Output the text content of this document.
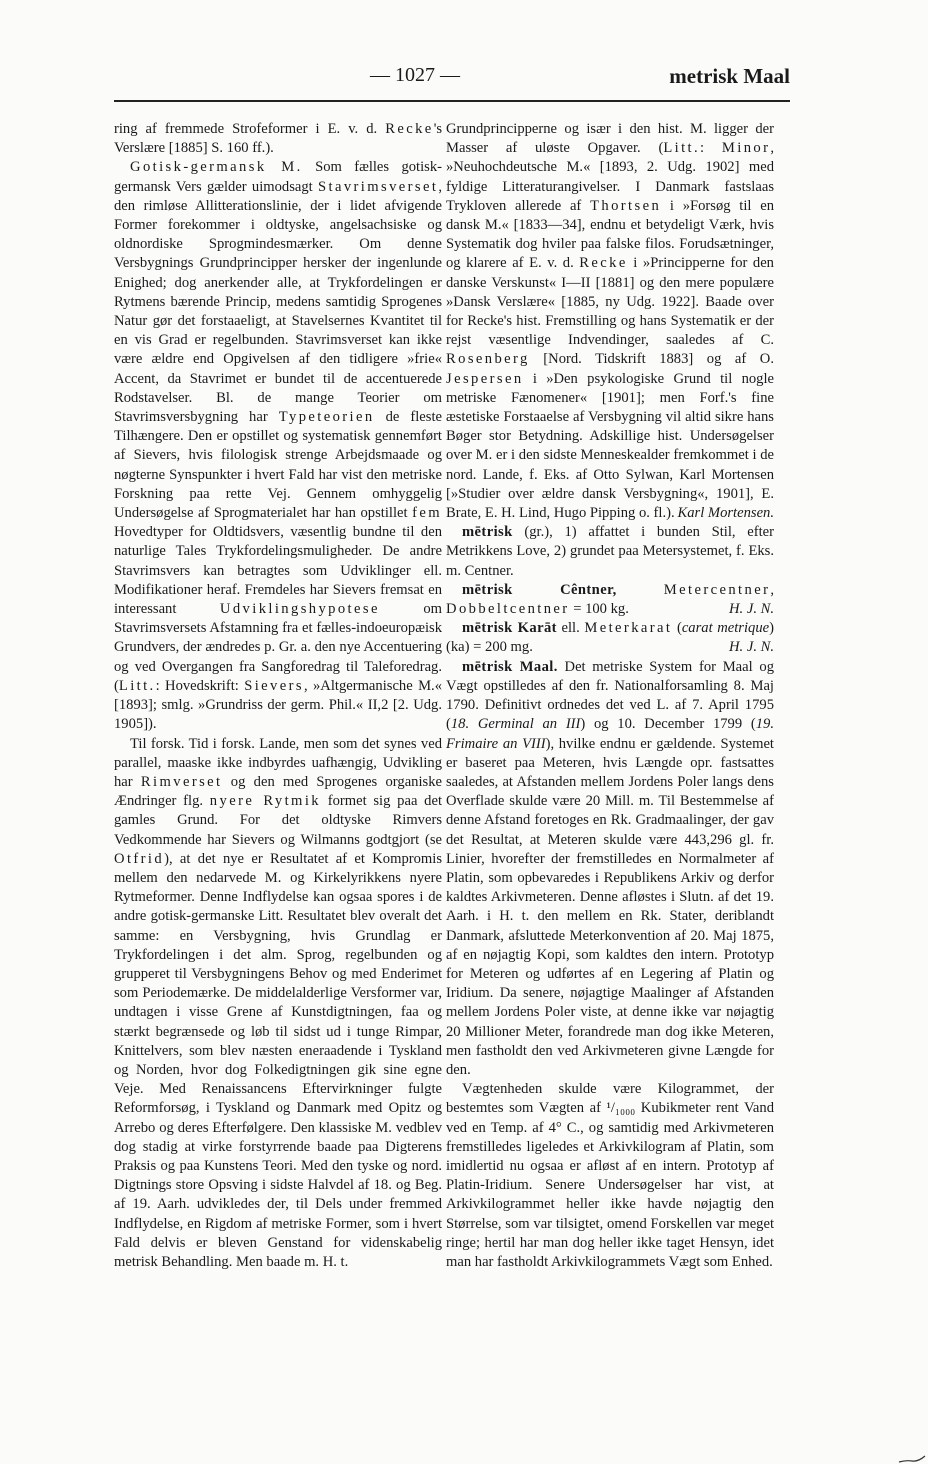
— 1027 —	metrisk Maal

ring af fremmede Strofeformer i E. v. d. Recke's Verslære [1885] S. 160 ff.).

Gotisk-germansk M. Som fælles gotisk-germansk Vers gælder uimodsagt Stavrimsverset, den rimløse Allitterationslinie, der i lidet afvigende Former forekommer i oldtyske, angelsachsiske og oldnordiske Sprogmindesmærker. Om denne Versbygnings Grundprincipper hersker der ingenlunde Enighed; dog anerkender alle, at Trykfordelingen er Rytmens bærende Princip, medens samtidig Sprogenes Natur gør det forstaaeligt, at Stavelsernes Kvantitet til en vis Grad er regelbunden. Stavrimsverset kan ikke være ældre end Opgivelsen af den tidligere »frie« Accent, da Stavrimet er bundet til de accentuerede Rodstavelser. Bl. de mange Teorier om Stavrimsversbygning har Typeteorien de fleste Tilhængere. Den er opstillet og systematisk gennemført af Sievers, hvis filologisk strenge Arbejdsmaade og nøgterne Synspunkter i hvert Fald har vist den metriske Forskning paa rette Vej. Gennem omhyggelig Undersøgelse af Sprogmaterialet har han opstillet fem Hovedtyper for Oldtidsvers, væsentlig bundne til den naturlige Tales Trykfordelingsmuligheder. De andre Stavrimsvers kan betragtes som Udviklinger ell. Modifikationer heraf. Fremdeles har Sievers fremsat en interessant Udviklingshypotese om Stavrimsversets Afstamning fra et fælles-indoeuropæisk Grundvers, der ændredes p. Gr. a. den nye Accentuering og ved Overgangen fra Sangforedrag til Taleforedrag. (Litt.: Hovedskrift: Sievers, »Altgermanische M.« [1893]; smlg. »Grundriss der germ. Phil.« II,2 [2. Udg. 1905]).

Til forsk. Tid i forsk. Lande, men som det synes ved parallel, maaske ikke indbyrdes uafhængig, Udvikling har Rimverset og den med Sprogenes organiske Ændringer flg. nyere Rytmik formet sig paa det gamles Grund. For det oldtyske Rimvers Vedkommende har Sievers og Wilmanns godtgjort (se Otfrid), at det nye er Resultatet af et Kompromis mellem den nedarvede M. og Kirkelyrikkens nyere Rytmeformer. Denne Indflydelse kan ogsaa spores i de andre gotisk-germanske Litt. Resultatet blev overalt det samme: en Versbygning, hvis Grundlag er Trykfordelingen i det alm. Sprog, regelbunden og grupperet til Versbygningens Behov og med Enderimet som Periodemærke. De middelalderlige Versformer var, undtagen i visse Grene af Kunstdigtningen, faa og stærkt begrænsede og løb til sidst ud i tunge Rimpar, Knittelvers, som blev næsten eneraadende i Tyskland og Norden, hvor dog Folkedigtningen gik sine egne Veje. Med Renaissancens Eftervirkninger fulgte Reformforsøg, i Tyskland og Danmark med Opitz og Arrebo og deres Efterfølgere. Den klassiske M. vedblev dog stadig at virke forstyrrende baade paa Digterens Praksis og paa Kunstens Teori. Med den tyske og nord. Digtnings store Opsving i sidste Halvdel af 18. og Beg. af 19. Aarh. udvikledes der, til Dels under fremmed Indflydelse, en Rigdom af metriske Former, som i hvert Fald delvis er bleven Genstand for videnskabelig metrisk Behandling. Men baade m. H. t.

Grundprincipperne og især i den hist. M. ligger der Masser af uløste Opgaver. (Litt.: Minor, »Neuhochdeutsche M.« [1893, 2. Udg. 1902] med fyldige Litteraturangivelser. I Danmark fastslaas Trykloven allerede af Thortsen i »Forsøg til en dansk M.« [1833—34], endnu et betydeligt Værk, hvis Systematik dog hviler paa falske filos. Forudsætninger, og klarere af E. v. d. Recke i »Principperne for den danske Verskunst« I—II [1881] og den mere populære »Dansk Verslære« [1885, ny Udg. 1922]. Baade over for Recke's hist. Fremstilling og hans Systematik er der rejst væsentlige Indvendinger, saaledes af C. Rosenberg [Nord. Tidskrift 1883] og af O. Jespersen i »Den psykologiske Grund til nogle metriske Fænomener« [1901]; men Forf.'s fine æstetiske Forstaaelse af Versbygning vil altid sikre hans Bøger stor Betydning. Adskillige hist. Undersøgelser over M. er i den sidste Menneskealder fremkommet i de nord. Lande, f. Eks. af Otto Sylwan, Karl Mortensen [»Studier over ældre dansk Versbygning«, 1901], E. Brate, E. H. Lind, Hugo Pipping o. fl.). Karl Mortensen.

mētrisk (gr.), 1) affattet i bunden Stil, efter Metrikkens Love, 2) grundet paa Metersystemet, f. Eks. m. Centner.

mētrisk Cêntner,	Metercentner, Dobbeltcentner = 100 kg.	H. J. N.

mētrisk Karāt ell. Meterkarat (carat metrique) (ka) = 200 mg.	H. J. N.

mētrisk Maal. Det metriske System for Maal og Vægt opstilledes af den fr. Nationalforsamling 8. Maj 1790. Definitivt ordnedes det ved L. af 7. April 1795 (18. Germinal an III) og 10. December 1799 (19. Frimaire an VIII), hvilke endnu er gældende. Systemet er baseret paa Meteren, hvis Længde opr. fastsattes saaledes, at Afstanden mellem Jordens Poler langs dens Overflade skulde være 20 Mill. m. Til Bestemmelse af denne Afstand foretoges en Rk. Gradmaalinger, der gav det Resultat, at Meteren skulde være 443,296 gl. fr. Linier, hvorefter der fremstilledes en Normalmeter af Platin, som opbevaredes i Republikens Arkiv og derfor kaldtes Arkivmeteren. Denne afløstes i Slutn. af det 19. Aarh. i H. t. den mellem en Rk. Stater, deriblandt Danmark, afsluttede Meterkonvention af 20. Maj 1875, af en nøjagtig Kopi, som kaldtes den intern. Prototyp for Meteren og udførtes af en Legering af Platin og Iridium. Da senere, nøjagtige Maalinger af Afstanden mellem Jordens Poler viste, at denne ikke var nøjagtig 20 Millioner Meter, forandrede man dog ikke Meteren, men fastholdt den ved Arkivmeteren givne Længde for den.

Vægtenheden skulde være Kilogrammet, der bestemtes som Vægten af ¹/₁₀₀₀ Kubikmeter rent Vand ved en Temp. af 4° C., og samtidig med Arkivmeteren fremstilledes ligeledes et Arkivkilogram af Platin, som imidlertid nu ogsaa er afløst af en intern. Prototyp af Platin-Iridium. Senere Undersøgelser har vist, at Arkivkilogrammet heller ikke havde nøjagtig den Størrelse, som var tilsigtet, omend Forskellen var meget ringe; hertil har man dog heller ikke taget Hensyn, idet man har fastholdt Arkivkilogrammets Vægt som Enhed.
